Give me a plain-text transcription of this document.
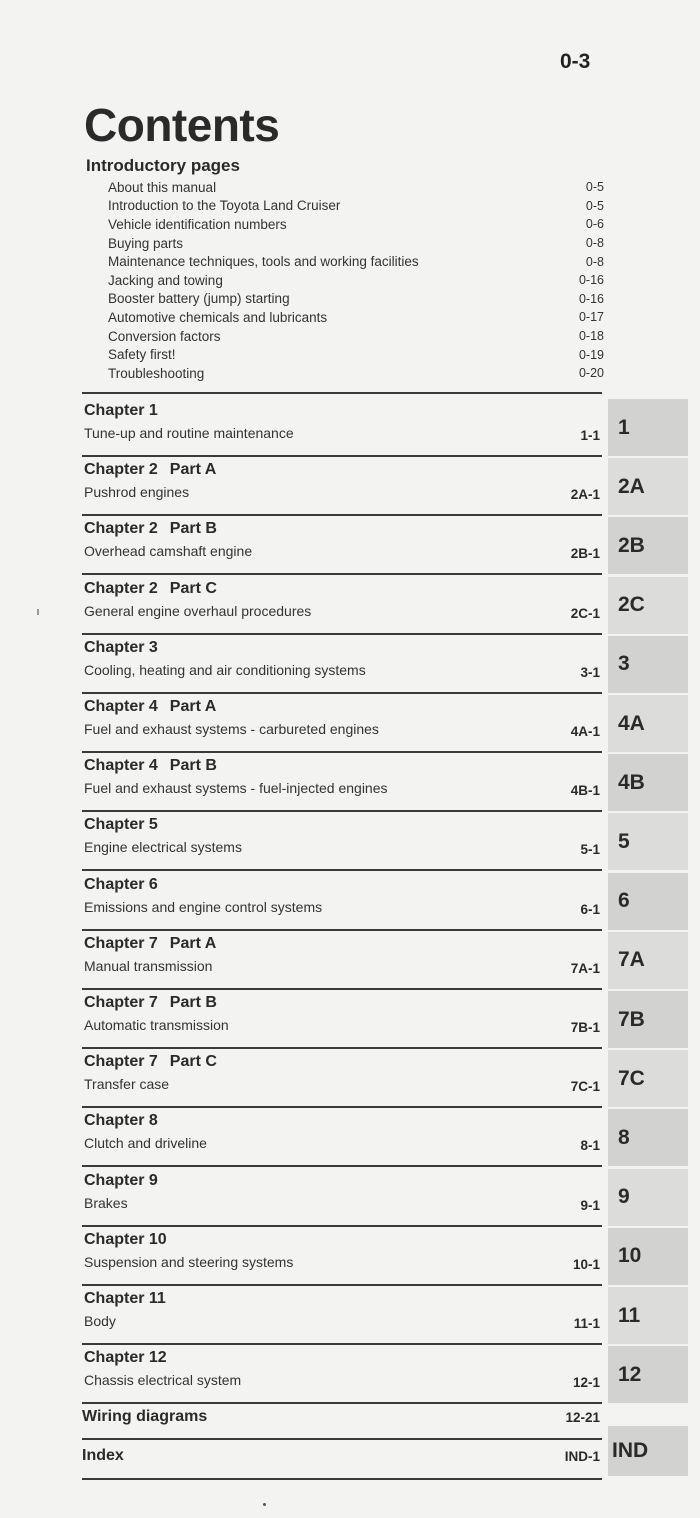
0-3
Contents
Introductory pages
About this manual	0-5
Introduction to the Toyota Land Cruiser	0-5
Vehicle identification numbers	0-6
Buying parts	0-8
Maintenance techniques, tools and working facilities	0-8
Jacking and towing	0-16
Booster battery (jump) starting	0-16
Automotive chemicals and lubricants	0-17
Conversion factors	0-18
Safety first!	0-19
Troubleshooting	0-20
Chapter 1
Tune-up and routine maintenance	1-1
Chapter 2 Part A
Pushrod engines	2A-1
Chapter 2 Part B
Overhead camshaft engine	2B-1
Chapter 2 Part C
General engine overhaul procedures	2C-1
Chapter 3
Cooling, heating and air conditioning systems	3-1
Chapter 4 Part A
Fuel and exhaust systems - carbureted engines	4A-1
Chapter 4 Part B
Fuel and exhaust systems - fuel-injected engines	4B-1
Chapter 5
Engine electrical systems	5-1
Chapter 6
Emissions and engine control systems	6-1
Chapter 7 Part A
Manual transmission	7A-1
Chapter 7 Part B
Automatic transmission	7B-1
Chapter 7 Part C
Transfer case	7C-1
Chapter 8
Clutch and driveline	8-1
Chapter 9
Brakes	9-1
Chapter 10
Suspension and steering systems	10-1
Chapter 11
Body	11-1
Chapter 12
Chassis electrical system	12-1
Wiring diagrams	12-21
Index	IND-1
1
2A
2B
2C
3
4A
4B
5
6
7A
7B
7C
8
9
10
11
12
IND
